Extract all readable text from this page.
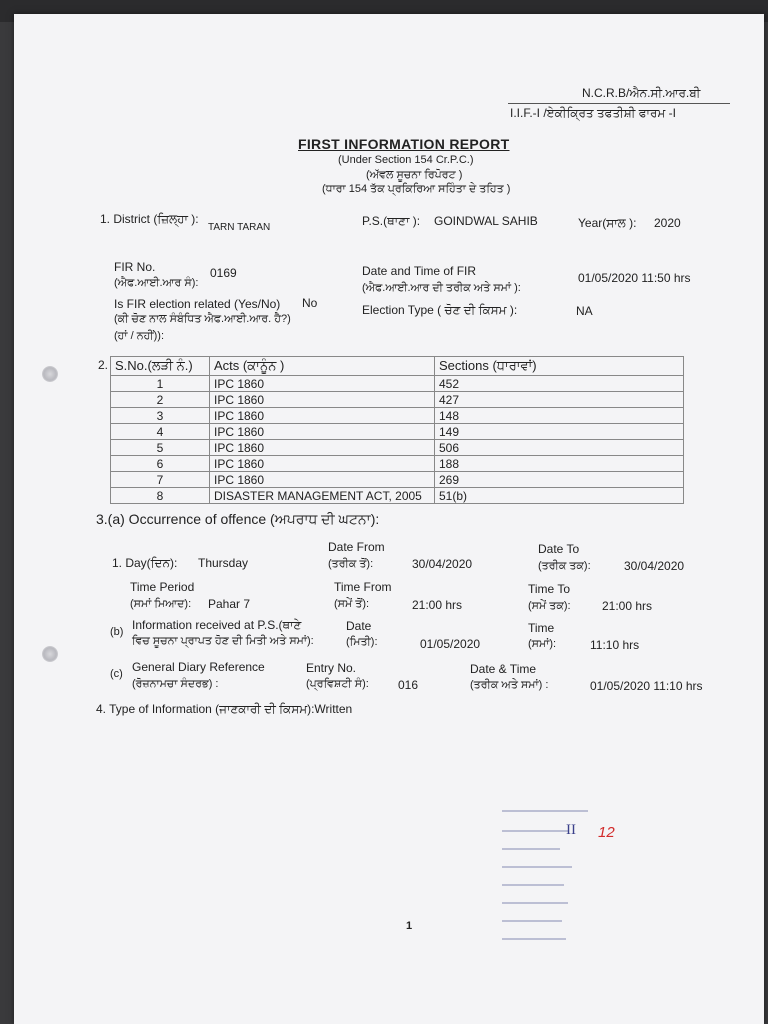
N.C.R.B/ਐਨ.ਸੀ.ਆਰ.ਬੀ
I.I.F.-I /ਏਕੀਕ੍ਰਿਤ ਤਫਤੀਸ਼ੀ ਫਾਰਮ -I
FIRST INFORMATION REPORT
(Under Section 154 Cr.P.C.)
(ਅੱਵਲ ਸੂਚਨਾ ਰਿਪੋਰਟ )
(ਧਾਰਾ 154 ਤੱਕ ਪ੍ਰਕਿਰਿਆ ਸਹਿੰਤਾ ਦੇ ਤਹਿਤ )
1. District (ਜ਼ਿਲ੍ਹਾ ):
TARN TARAN	P.S.(ਥਾਣਾ ): GOINDWAL SAHIB	Year(ਸਾਲ ): 2020
FIR No.
(ਐਫ.ਆਈ.ਆਰ ਸੰ):
0169	Date and Time of FIR
(ਐਫ.ਆਈ.ਆਰ ਦੀ ਤਰੀਕ ਅਤੇ ਸਮਾਂ ):
01/05/2020 11:50 hrs
Is FIR election related (Yes/No) No
(ਕੀ ਚੋਣ ਨਾਲ ਸੰਬੰਧਿਤ ਐਫ.ਆਈ.ਆਰ. ਹੈ?)
(ਹਾਂ / ਨਹੀਂ)):
Election Type ( ਚੋਣ ਦੀ ਕਿਸਮ ):	NA
2. S.No.(ਲੜੀ ਨੰ.)	Acts (ਕਾਨੂੰਨ )	Sections (ਧਾਰਾਵਾਂ)
1	IPC 1860	452
2	IPC 1860	427
3	IPC 1860	148
4	IPC 1860	149
5	IPC 1860	506
6	IPC 1860	188
7	IPC 1860	269
8	DISASTER MANAGEMENT ACT, 2005	51(b)
3.(a) Occurrence of offence (ਅਪਰਾਧ ਦੀ ਘਟਨਾ):
1. Day(ਦਿਨ): Thursday
Date From
(ਤਰੀਕ ਤੋਂ):	30/04/2020
Date To
(ਤਰੀਕ ਤਕ):	30/04/2020
Time Period
(ਸਮਾਂ ਮਿਆਦ): Pahar 7
Time From
(ਸਮੇਂ ਤੋਂ):	21:00 hrs
Time To
(ਸਮੇਂ ਤਕ):	21:00 hrs
(b) Information received at P.S.(ਥਾਣੇ
ਵਿਚ ਸੂਚਨਾ ਪ੍ਰਾਪਤ ਹੋਣ ਦੀ ਮਿਤੀ ਅਤੇ ਸਮਾਂ):
Date
(ਮਿਤੀ):	01/05/2020
Time
(ਸਮਾਂ):	11:10 hrs
(c) General Diary Reference
(ਰੋਜ਼ਨਾਮਚਾ ਸੰਦਰਭ) :
Entry No.
(ਪ੍ਰਵਿਸ਼ਟੀ ਸੰ): 016
Date & Time
(ਤਰੀਕ ਅਤੇ ਸਮਾਂ) :	01/05/2020 11:10 hrs
4. Type of Information (ਜਾਣਕਾਰੀ ਦੀ ਕਿਸਮ):Written
II 12
1
